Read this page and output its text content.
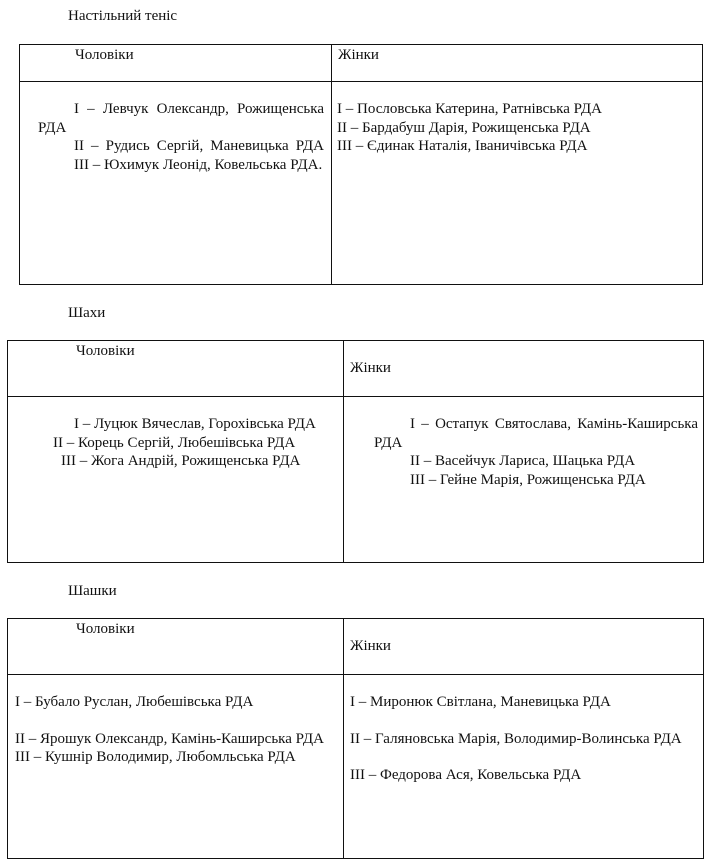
Настільний теніс
Чоловіки	Жінки
I – Левчук Олександр, Рожищенська РДА
II – Рудись Сергій, Маневицька РДА
III – Юхимук Леонід, Ковельська РДА.
I – Пословська Катерина, Ратнівська РДА
II – Бардабуш Дарія, Рожищенська РДА
III – Єдинак Наталія, Іваничівська РДА
Шахи
Чоловіки
Жінки
I – Луцюк Вячеслав, Горохівська РДА
II – Корець Сергій, Любешівська РДА
III – Жога Андрій, Рожищенська РДА
I – Остапук Святослава, Камінь-Каширська РДА
II – Васейчук Лариса, Шацька РДА
III – Гейне Марія, Рожищенська РДА
Шашки
Чоловіки
Жінки
I – Бубало Руслан, Любешівська РДА
II – Ярошук Олександр, Камінь-Каширська РДА
III – Кушнір Володимир, Любомльська РДА
I – Миронюк Світлана, Маневицька РДА
II – Галяновська Марія, Володимир-Волинська РДА
III – Федорова Ася, Ковельська РДА
